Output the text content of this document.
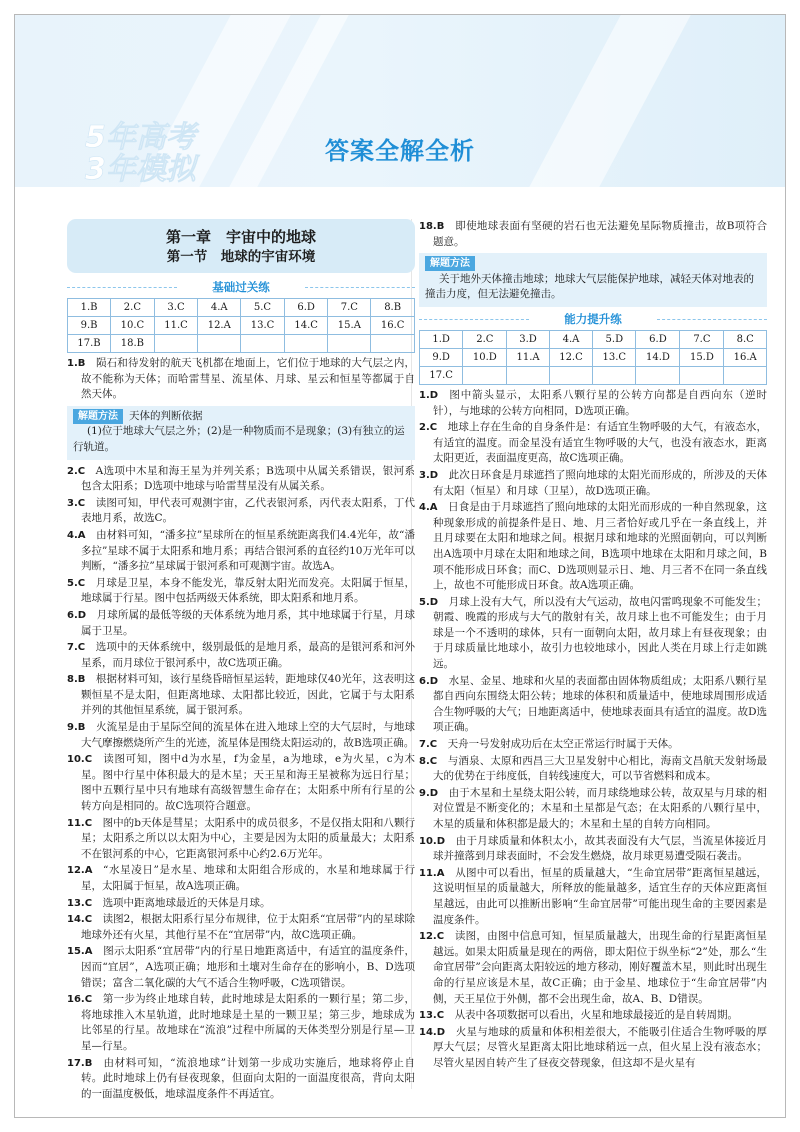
5年高考
3年模拟
答案全解全析
第一章　宇宙中的地球
第一节　地球的宇宙环境
基础过关练
1.B	2.C	3.C	4.A	5.C	6.D	7.C	8.B
9.B	10.C	11.C	12.A	13.C	14.C	15.A	16.C
17.B	18.B						
1.B  陨石和待发射的航天飞机都在地面上，它们位于地球的大气层之内，故不能称为天体；而哈雷彗星、流星体、月球、星云和恒星等都属于自然天体。
解题方法 天体的判断依据
(1)位于地球大气层之外；(2)是一种物质而不是现象；(3)有独立的运行轨道。
2.C  A选项中木星和海王星为并列关系；B选项中从属关系错误，银河系包含太阳系；D选项中地球与哈雷彗星没有从属关系。
3.C  读图可知，甲代表可观测宇宙，乙代表银河系，丙代表太阳系，丁代表地月系，故选C。
4.A  由材料可知，“潘多拉”星球所在的恒星系统距离我们4.4光年，故“潘多拉”星球不属于太阳系和地月系；再结合银河系的直径约10万光年可以判断，“潘多拉”星球属于银河系和可观测宇宙。故选A。
5.C  月球是卫星，本身不能发光，靠反射太阳光而发亮。太阳属于恒星，地球属于行星。图中包括两级天体系统，即太阳系和地月系。
6.D  月球所属的最低等级的天体系统为地月系，其中地球属于行星，月球属于卫星。
7.C  选项中的天体系统中，级别最低的是地月系，最高的是银河系和河外星系，而月球位于银河系中，故C选项正确。
8.B  根据材料可知，该行星绕昏暗恒星运转，距地球仅40光年，这表明这颗恒星不是太阳，但距离地球、太阳都比较近，因此，它属于与太阳系并列的其他恒星系统，属于银河系。
9.B  火流星是由于星际空间的流星体在进入地球上空的大气层时，与地球大气摩擦燃烧所产生的光迹，流星体是围绕太阳运动的，故B选项正确。
10.C  读图可知，图中d为水星，f为金星，a为地球，e为火星，c为木星。图中行星中体积最大的是木星；天王星和海王星被称为远日行星；图中五颗行星中只有地球有高级智慧生命存在；太阳系中所有行星的公转方向是相同的。故C选项符合题意。
11.C  图中的b天体是彗星；太阳系中的成员很多，不是仅指太阳和八颗行星；太阳系之所以以太阳为中心，主要是因为太阳的质量最大；太阳系不在银河系的中心，它距离银河系中心约2.6万光年。
12.A  “水星凌日”是水星、地球和太阳组合形成的，水星和地球属于行星，太阳属于恒星，故A选项正确。
13.C  选项中距离地球最近的天体是月球。
14.C  读图2，根据太阳系行星分布规律，位于太阳系“宜居带”内的星球除地球外还有火星，其他行星不在“宜居带”内，故C选项正确。
15.A  图示太阳系“宜居带”内的行星日地距离适中，有适宜的温度条件，因而“宜居”，A选项正确；地形和土壤对生命存在的影响小，B、D选项错误；富含二氧化碳的大气不适合生物呼吸，C选项错误。
16.C  第一步为终止地球自转，此时地球是太阳系的一颗行星；第二步，将地球推入木星轨道，此时地球是土星的一颗卫星；第三步，地球成为比邻星的行星。故地球在“流浪”过程中所属的天体类型分别是行星—卫星—行星。
17.B  由材料可知，“流浪地球”计划第一步成功实施后，地球将停止自转。此时地球上仍有昼夜现象，但面向太阳的一面温度很高，背向太阳的一面温度极低，地球温度条件不再适宜。
18.B  即使地球表面有坚硬的岩石也无法避免星际物质撞击，故B项符合题意。
解题方法
关于地外天体撞击地球；地球大气层能保护地球，减轻天体对地表的撞击力度，但无法避免撞击。
能力提升练
1.D	2.C	3.D	4.A	5.D	6.D	7.C	8.C
9.D	10.D	11.A	12.C	13.C	14.D	15.D	16.A
17.C							
1.D  图中箭头显示，太阳系八颗行星的公转方向都是自西向东（逆时针），与地球的公转方向相同，D选项正确。
2.C  地球上存在生命的自身条件是：有适宜生物呼吸的大气，有液态水，有适宜的温度。而金星没有适宜生物呼吸的大气，也没有液态水，距离太阳更近，表面温度更高，故C选项正确。
3.D  此次日环食是月球遮挡了照向地球的太阳光而形成的，所涉及的天体有太阳（恒星）和月球（卫星），故D选项正确。
4.A  日食是由于月球遮挡了照向地球的太阳光而形成的一种自然现象，这种现象形成的前提条件是日、地、月三者恰好或几乎在一条直线上，并且月球要在太阳和地球之间。根据月球和地球的光照面朝向，可以判断出A选项中月球在太阳和地球之间，B选项中地球在太阳和月球之间，B项不能形成日环食；而C、D选项则显示日、地、月三者不在同一条直线上，故也不可能形成日环食。故A选项正确。
5.D  月球上没有大气，所以没有大气运动，故电闪雷鸣现象不可能发生；朝霞、晚霞的形成与大气的散射有关，故月球上也不可能发生；由于月球是一个不透明的球体，只有一面朝向太阳，故月球上有昼夜现象；由于月球质量比地球小，故引力也较地球小，因此人类在月球上行走如跳远。
6.D  水星、金星、地球和火星的表面都由固体物质组成；太阳系八颗行星都自西向东围绕太阳公转；地球的体积和质量适中，使地球周围形成适合生物呼吸的大气；日地距离适中，使地球表面具有适宜的温度。故D选项正确。
7.C  天舟一号发射成功后在太空正常运行时属于天体。
8.C  与酒泉、太原和西昌三大卫星发射中心相比，海南文昌航天发射场最大的优势在于纬度低，自转线速度大，可以节省燃料和成本。
9.D  由于木星和土星绕太阳公转，而月球绕地球公转，故双星与月球的相对位置是不断变化的；木星和土星都是气态；在太阳系的八颗行星中，木星的质量和体积都是最大的；木星和土星的自转方向相同。
10.D  由于月球质量和体积太小，故其表面没有大气层，当流星体接近月球并撞落到月球表面时，不会发生燃烧，故月球更易遭受陨石袭击。
11.A  从图中可以看出，恒星的质量越大，“生命宜居带”距离恒星越远，这说明恒星的质量越大，所释放的能量越多，适宜生存的天体应距离恒星越远，由此可以推断出影响“生命宜居带”可能出现生命的主要因素是温度条件。
12.C  读图，由图中信息可知，恒星质量越大，出现生命的行星距离恒星越远。如果太阳质量是现在的两倍，即太阳位于纵坐标“2”处，那么“生命宜居带”会向距离太阳较远的地方移动，刚好覆盖木星，则此时出现生命的行星应该是木星，故C正确；由于金星、地球位于“生命宜居带”内侧，天王星位于外侧，都不会出现生命，故A、B、D错误。
13.C  从表中各项数据可以看出，火星和地球最接近的是自转周期。
14.D  火星与地球的质量和体积相差很大，不能吸引住适合生物呼吸的厚厚大气层；尽管火星距离太阳比地球稍远一点，但火星上没有液态水；尽管火星因自转产生了昼夜交替现象，但这却不是火星有
